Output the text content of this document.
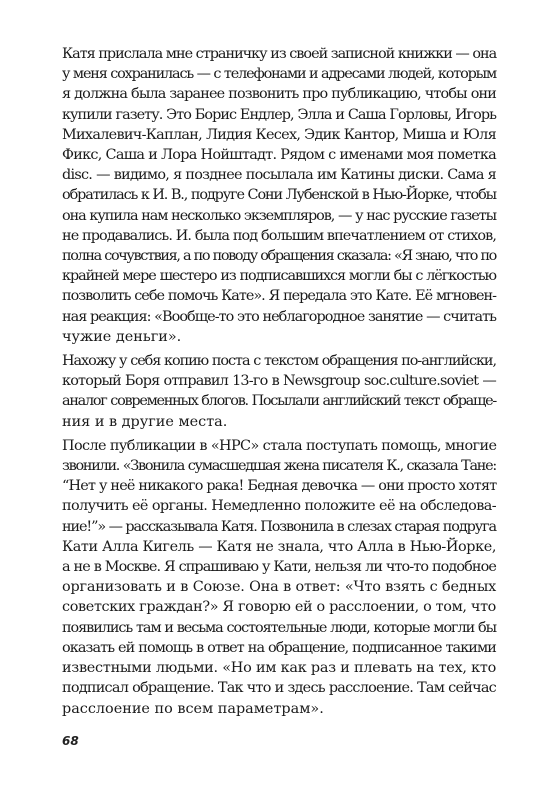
Катя прислала мне страничку из своей записной книжки — она
у меня сохранилась — с телефонами и адресами людей, которым
я должна была заранее позвонить про публикацию, чтобы они
купили газету. Это Борис Ендлер, Элла и Саша Горловы, Игорь
Михалевич-Каплан, Лидия Кесех, Эдик Кантор, Миша и Юля
Фикс, Саша и Лора Нойштадт. Рядом с именами моя пометка
disc. — видимо, я позднее посылала им Катины диски. Сама я
обратилась к И. В., подруге Сони Лубенской в Нью-Йорке, чтобы
она купила нам несколько экземпляров, — у нас русские газеты
не продавались. И. была под большим впечатлением от стихов,
полна сочувствия, а по поводу обращения сказала: «Я знаю, что по
крайней мере шестеро из подписавшихся могли бы с лёгкостью
позволить себе помочь Кате». Я передала это Кате. Её мгновен-
ная реакция: «Вообще-то это неблагородное занятие — считать
чужие деньги».

Нахожу у себя копию поста с текстом обращения по-английски,
который Боря отправил 13-го в Newsgroup soc.culture.soviet —
аналог современных блогов. Посылали английский текст обраще-
ния и в другие места.

После публикации в «НРС» стала поступать помощь, многие
звонили. «Звонила сумасшедшая жена писателя К., сказала Тане:
“Нет у неё никакого рака! Бедная девочка — они просто хотят
получить её органы. Немедленно положите её на обследова-
ние!”» — рассказывала Катя. Позвонила в слезах старая подруга
Кати Алла Кигель — Катя не знала, что Алла в Нью-Йорке,
а не в Москве. Я спрашиваю у Кати, нельзя ли что-то подобное
организовать и в Союзе. Она в ответ: «Что взять с бедных
советских граждан?» Я говорю ей о расслоении, о том, что
появились там и весьма состоятельные люди, которые могли бы
оказать ей помощь в ответ на обращение, подписанное такими
известными людьми. «Но им как раз и плевать на тех, кто
подписал обращение. Так что и здесь расслоение. Там сейчас
расслоение по всем параметрам».

68
